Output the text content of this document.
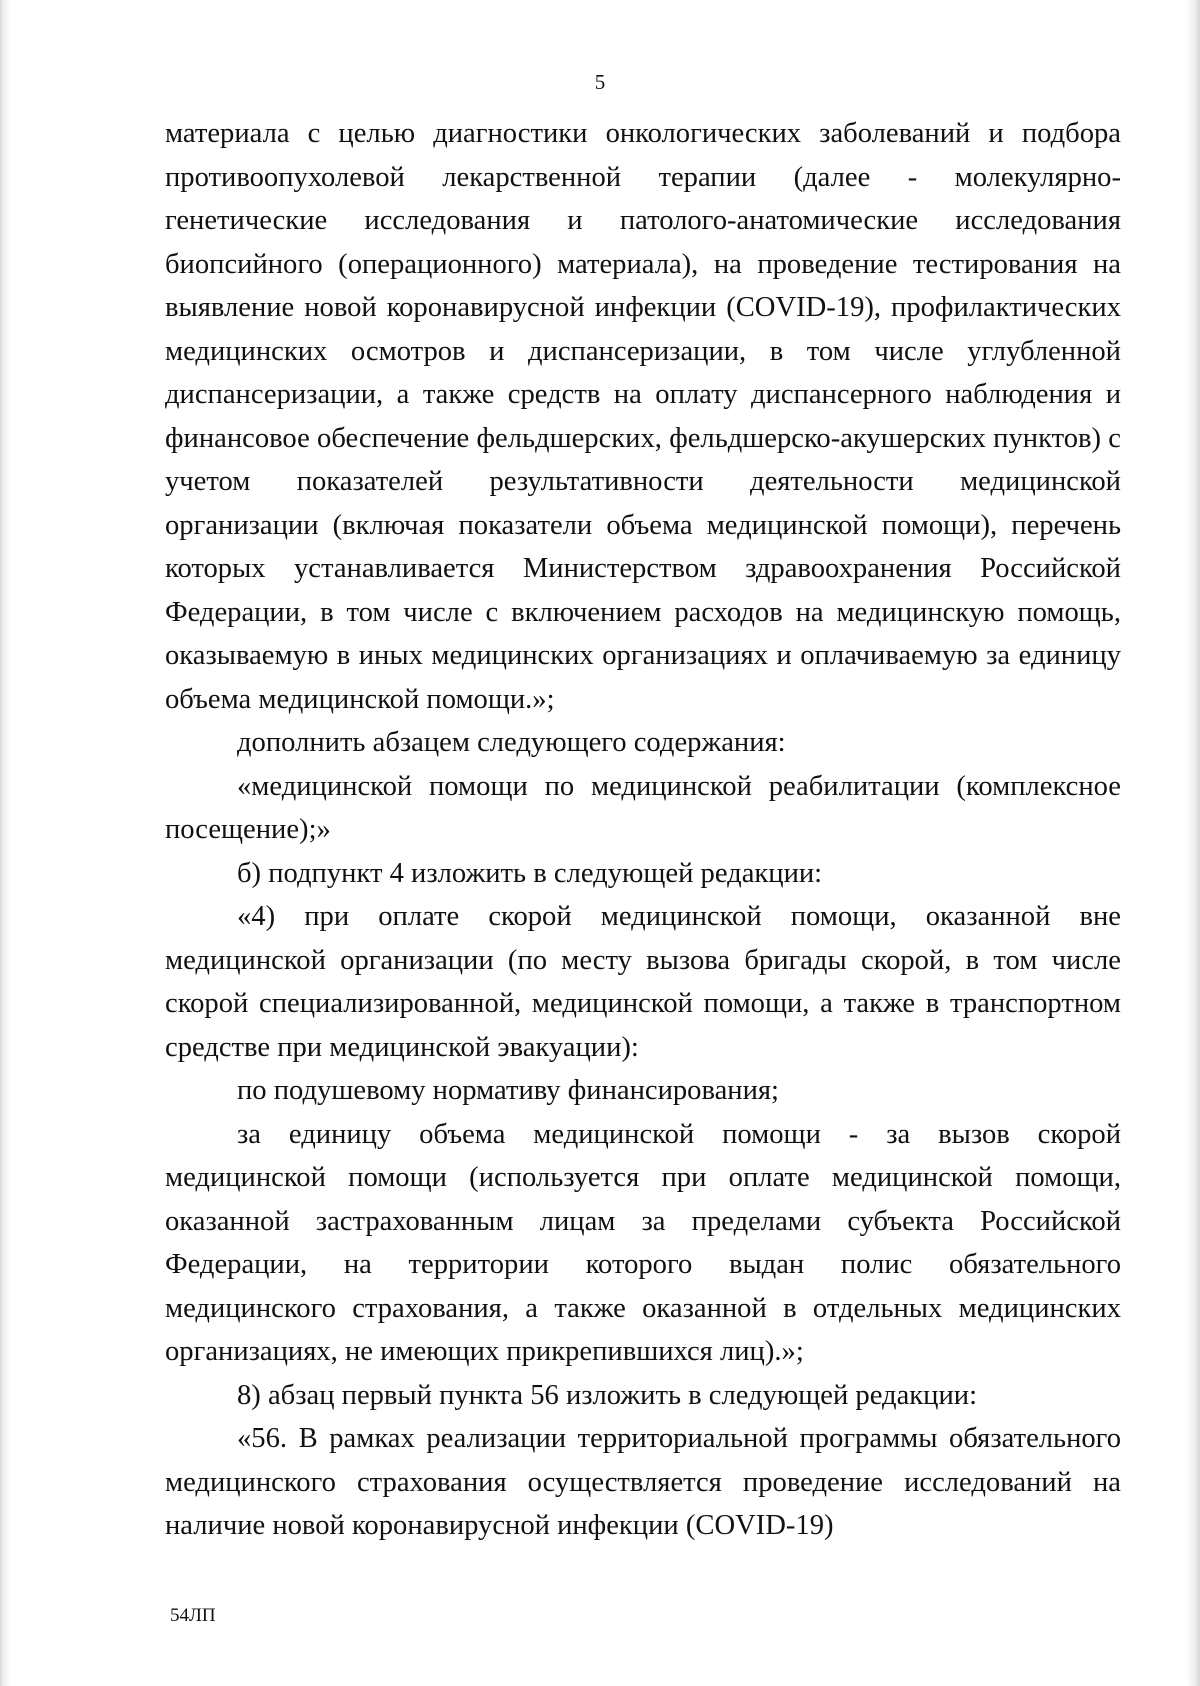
5

материала с целью диагностики онкологических заболеваний и подбора противоопухолевой лекарственной терапии (далее - молекулярно-генетические исследования и патолого-анатомические исследования биопсийного (операционного) материала), на проведение тестирования на выявление новой коронавирусной инфекции (COVID-19), профилактических медицинских осмотров и диспансеризации, в том числе углубленной диспансеризации, а также средств на оплату диспансерного наблюдения и финансовое обеспечение фельдшерских, фельдшерско-акушерских пунктов) с учетом показателей результативности деятельности медицинской организации (включая показатели объема медицинской помощи), перечень которых устанавливается Министерством здравоохранения Российской Федерации, в том числе с включением расходов на медицинскую помощь, оказываемую в иных медицинских организациях и оплачиваемую за единицу объема медицинской помощи.»;

дополнить абзацем следующего содержания:

«медицинской помощи по медицинской реабилитации (комплексное посещение);»

б) подпункт 4 изложить в следующей редакции:

«4) при оплате скорой медицинской помощи, оказанной вне медицинской организации (по месту вызова бригады скорой, в том числе скорой специализированной, медицинской помощи, а также в транспортном средстве при медицинской эвакуации):

по подушевому нормативу финансирования;

за единицу объема медицинской помощи - за вызов скорой медицинской помощи (используется при оплате медицинской помощи, оказанной застрахованным лицам за пределами субъекта Российской Федерации, на территории которого выдан полис обязательного медицинского страхования, а также оказанной в отдельных медицинских организациях, не имеющих прикрепившихся лиц).»;

8) абзац первый пункта 56 изложить в следующей редакции:

«56. В рамках реализации территориальной программы обязательного медицинского страхования осуществляется проведение исследований на наличие новой коронавирусной инфекции (COVID-19)

54ЛП
